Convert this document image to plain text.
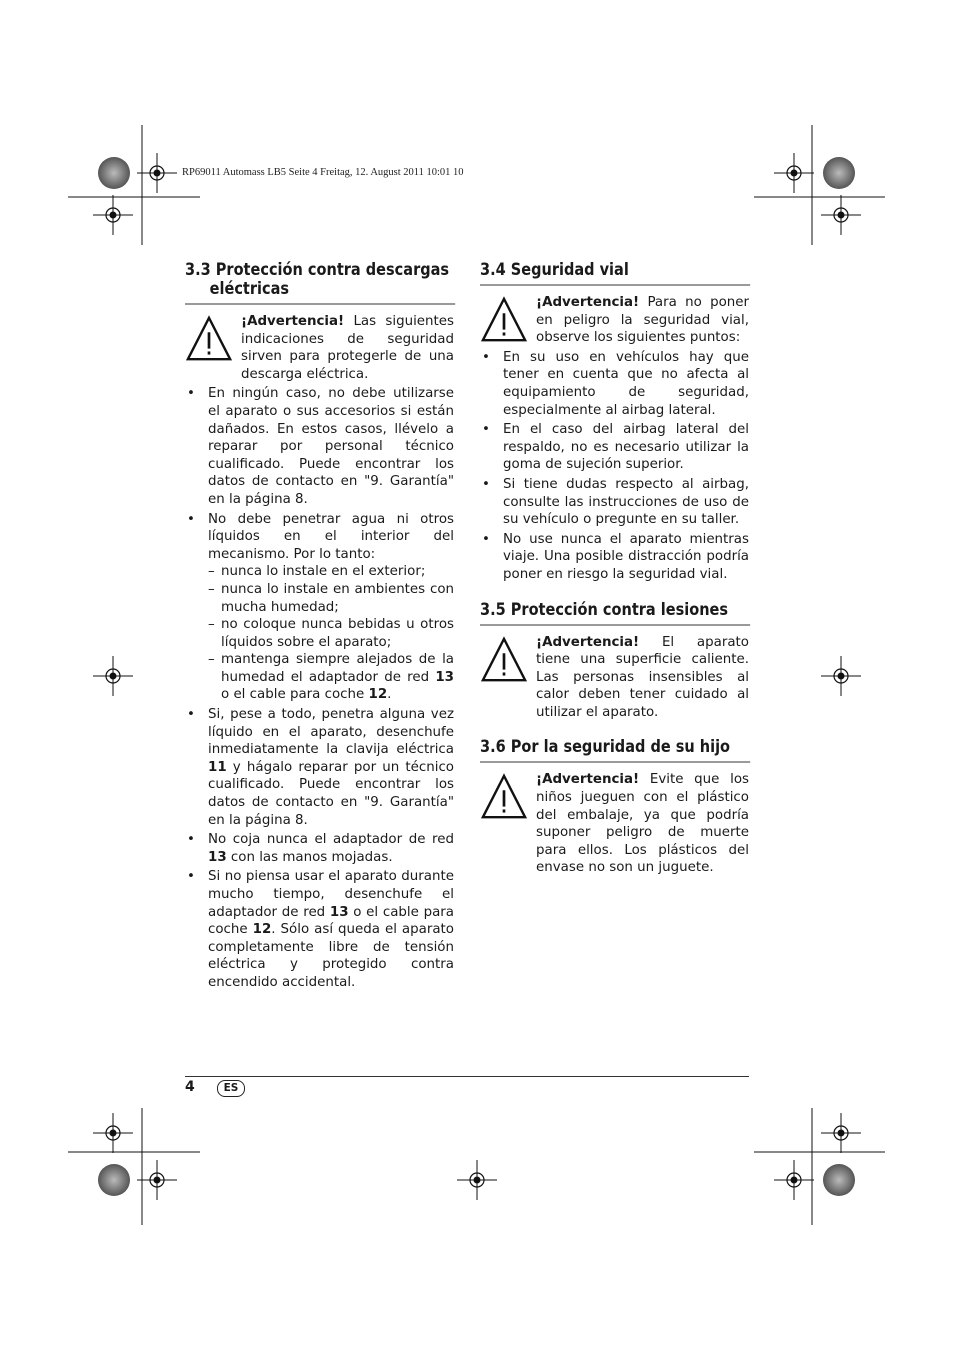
RP69011 Automass LB5 Seite 4 Freitag, 12. August 2011 10:01 10
3.3 Protección contra descargas

eléctricas
¡Advertencia! Las siguientes indicaciones de seguridad sirven para protegerle de una descarga eléctrica.
• En ningún caso, no debe utilizarse el aparato o sus accesorios si están dañados. En estos casos, llévelo a reparar por personal técnico cualificado. Puede encontrar los datos de contacto en "9. Garantía" en la página 8.
• No debe penetrar agua ni otros líquidos en el interior del mecanismo. Por lo tanto:
– nunca lo instale en el exterior;
– nunca lo instale en ambientes con mucha humedad;
– no coloque nunca bebidas u otros líquidos sobre el aparato;
– mantenga siempre alejados de la humedad el adaptador de red 13 o el cable para coche 12.
• Si, pese a todo, penetra alguna vez líquido en el aparato, desenchufe inmediatamente la clavija eléctrica 11 y hágalo reparar por un técnico cualificado. Puede encontrar los datos de contacto en "9. Garantía" en la página 8.
• No coja nunca el adaptador de red 13 con las manos mojadas.
• Si no piensa usar el aparato durante mucho tiempo, desenchufe el adaptador de red 13 o el cable para coche 12. Sólo así queda el aparato completamente libre de tensión eléctrica y protegido contra encendido accidental.
3.4 Seguridad vial
¡Advertencia! Para no poner en peligro la seguridad vial, observe los siguientes puntos:
• En su uso en vehículos hay que tener en cuenta que no afecta al equipamiento de seguridad, especialmente al airbag lateral.
• En el caso del airbag lateral del respaldo, no es necesario utilizar la goma de sujeción superior.
• Si tiene dudas respecto al airbag, consulte las instrucciones de uso de su vehículo o pregunte en su taller.
• No use nunca el aparato mientras viaje. Una posible distracción podría poner en riesgo la seguridad vial.
3.5 Protección contra lesiones
¡Advertencia! El aparato tiene una superficie caliente. Las personas insensibles al calor deben tener cuidado al utilizar el aparato.
3.6 Por la seguridad de su hijo
¡Advertencia! Evite que los niños jueguen con el plástico del embalaje, ya que podría suponer peligro de muerte para ellos. Los plásticos del envase no son un juguete.
4	ES
